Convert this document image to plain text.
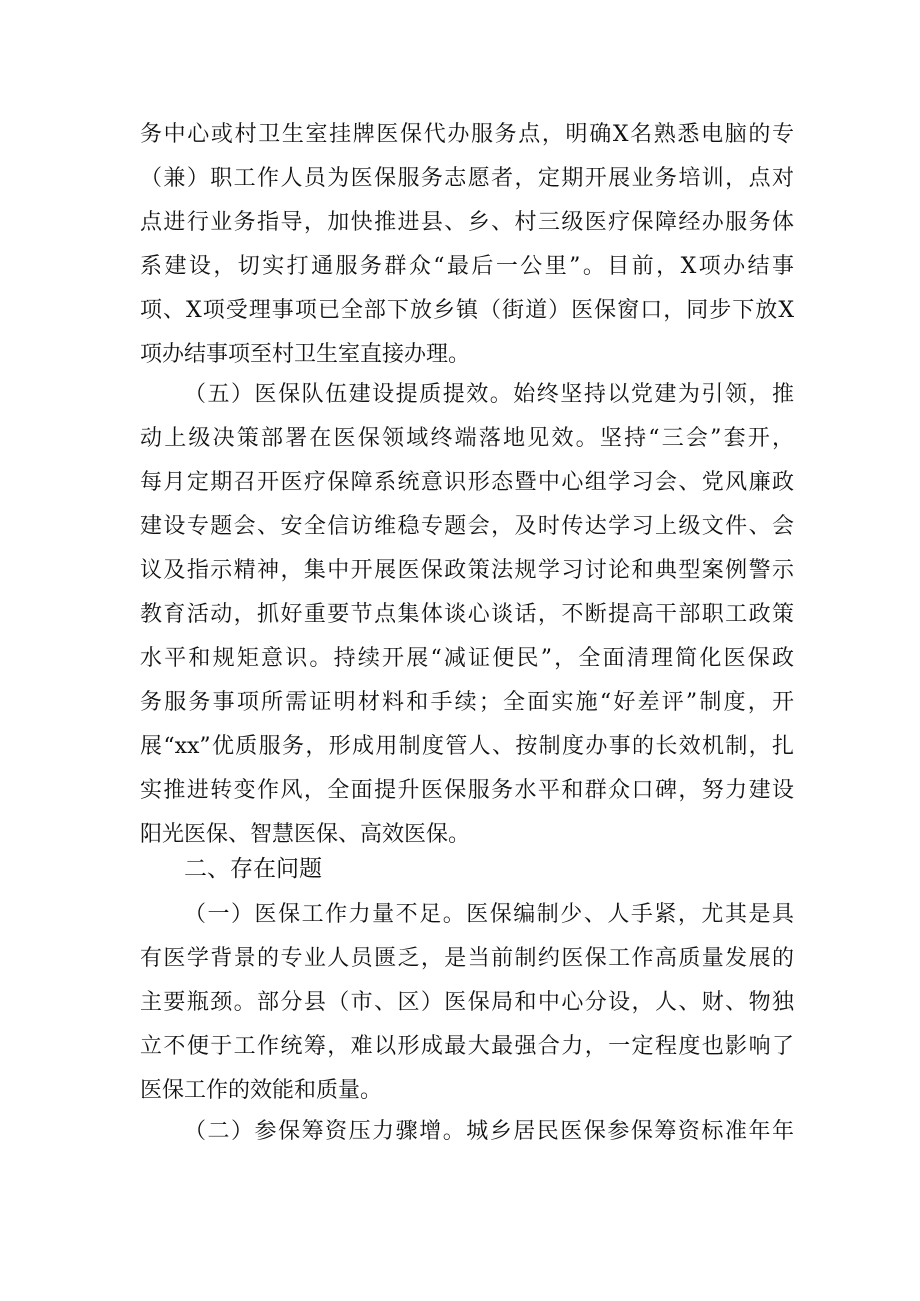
务中心或村卫生室挂牌医保代办服务点，明确X名熟悉电脑的专
（兼）职工作人员为医保服务志愿者，定期开展业务培训，点对
点进行业务指导，加快推进县、乡、村三级医疗保障经办服务体
系建设，切实打通服务群众“最后一公里”。目前，X项办结事
项、X项受理事项已全部下放乡镇（街道）医保窗口，同步下放X
项办结事项至村卫生室直接办理。
（五）医保队伍建设提质提效。始终坚持以党建为引领，推
动上级决策部署在医保领域终端落地见效。坚持“三会”套开，
每月定期召开医疗保障系统意识形态暨中心组学习会、党风廉政
建设专题会、安全信访维稳专题会，及时传达学习上级文件、会
议及指示精神，集中开展医保政策法规学习讨论和典型案例警示
教育活动，抓好重要节点集体谈心谈话，不断提高干部职工政策
水平和规矩意识。持续开展“减证便民”，全面清理简化医保政
务服务事项所需证明材料和手续；全面实施“好差评”制度，开
展“xx”优质服务，形成用制度管人、按制度办事的长效机制，扎
实推进转变作风，全面提升医保服务水平和群众口碑，努力建设
阳光医保、智慧医保、高效医保。
二、存在问题
（一）医保工作力量不足。医保编制少、人手紧，尤其是具
有医学背景的专业人员匮乏，是当前制约医保工作高质量发展的
主要瓶颈。部分县（市、区）医保局和中心分设，人、财、物独
立不便于工作统筹，难以形成最大最强合力，一定程度也影响了
医保工作的效能和质量。
（二）参保筹资压力骤增。城乡居民医保参保筹资标准年年
